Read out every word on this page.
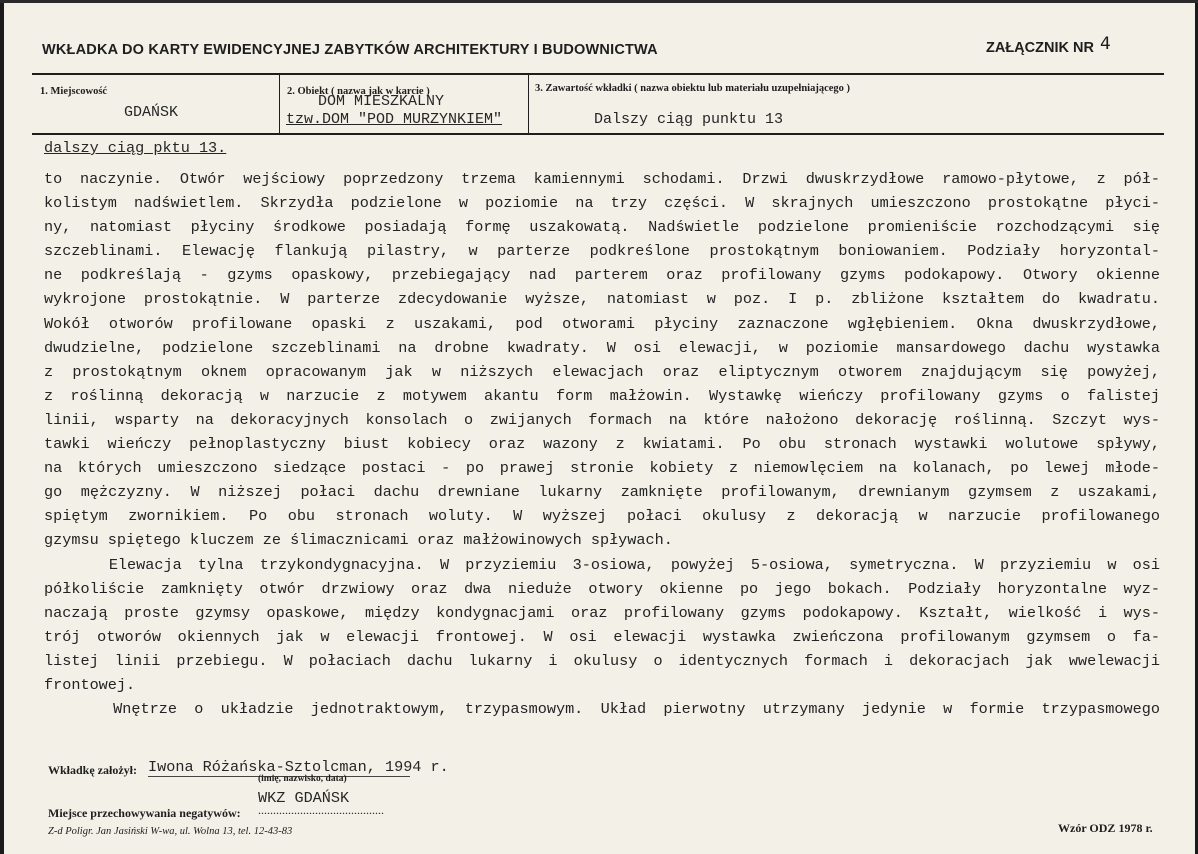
WKŁADKA DO KARTY EWIDENCYJNEJ ZABYTKÓW ARCHITEKTURY I BUDOWNICTWA	ZAŁĄCZNIK NR 4
1. Miejscowość
GDAŃSK
2. Obiekt ( nazwa jak w karcie )
DOM MIESZKALNY
tzw.DOM "POD MURZYNKIEM"
3. Zawartość wkładki ( nazwa obiektu lub materiału uzupełniającego )
Dalszy ciąg punktu 13
dalszy ciąg pktu 13.
to naczynie. Otwór wejściowy poprzedzony trzema kamiennymi schodami. Drzwi dwuskrzydłowe ramowo-płytowe, z pół-
kolistym nadświetlem. Skrzydła podzielone w poziomie na trzy części. W skrajnych umieszczono prostokątne płyci-
ny, natomiast płyciny środkowe posiadają formę uszakowatą. Nadświetle podzielone promieniście rozchodzącymi się
szczeblinami. Elewację flankują pilastry, w parterze podkreślone prostokątnym boniowaniem. Podziały horyzontal-
ne podkreślają - gzyms opaskowy, przebiegający nad parterem oraz profilowany gzyms podokapowy. Otwory okienne
wykrojone prostokątnie. W parterze zdecydowanie wyższe, natomiast w poz. I p. zbliżone kształtem do kwadratu.
Wokół otworów profilowane opaski z uszakami, pod otworami płyciny zaznaczone wgłębieniem. Okna dwuskrzydłowe,
dwudzielne, podzielone szczeblinami na drobne kwadraty. W osi elewacji, w poziomie mansardowego dachu wystawka
z prostokątnym oknem opracowanym jak w niższych elewacjach oraz eliptycznym otworem znajdującym się powyżej,
z roślinną dekoracją w narzucie z motywem akantu form małżowin. Wystawkę wieńczy profilowany gzyms o falistej
linii, wsparty na dekoracyjnych konsolach o zwijanych formach na które nałożono dekorację roślinną. Szczyt wys-
tawki wieńczy pełnoplastyczny biust kobiecy oraz wazony z kwiatami. Po obu stronach wystawki wolutowe spływy,
na których umieszczono siedzące postaci - po prawej stronie kobiety z niemowlęciem na kolanach, po lewej młode-
go mężczyzny. W niższej połaci dachu drewniane lukarny zamknięte profilowanym, drewnianym gzymsem z uszakami,
spiętym zwornikiem. Po obu stronach woluty. W wyższej połaci okulusy z dekoracją w narzucie profilowanego
gzymsu spiętego kluczem ze ślimacznicami oraz małżowinowych spływach.
Elewacja tylna trzykondygnacyjna. W przyziemiu 3-osiowa, powyżej 5-osiowa, symetryczna. W przyziemiu w osi
półkoliście zamknięty otwór drzwiowy oraz dwa nieduże otwory okienne po jego bokach. Podziały horyzontalne wyz-
naczają proste gzymsy opaskowe, między kondygnacjami oraz profilowany gzyms podokapowy. Kształt, wielkość i wys-
trój otworów okiennych jak w elewacji frontowej. W osi elewacji wystawka zwieńczona profilowanym gzymsem o fa-
listej linii przebiegu. W połaciach dachu lukarny i okulusy o identycznych formach i dekoracjach jak wwelewacji
frontowej.
Wnętrze o układzie jednotraktowym, trzypasmowym. Układ pierwotny utrzymany jedynie w formie trzypasmowego
Wkładkę założył: Iwona Różańska-Sztolcman, 1994 r.
(imię, nazwisko, data)
WKZ GDAŃSK
Miejsce przechowywania negatywów: ..........................................
Z-d Poligr. Jan Jasiński W-wa, ul. Wolna 13, tel. 12-43-83	Wzór ODZ 1978 r.
